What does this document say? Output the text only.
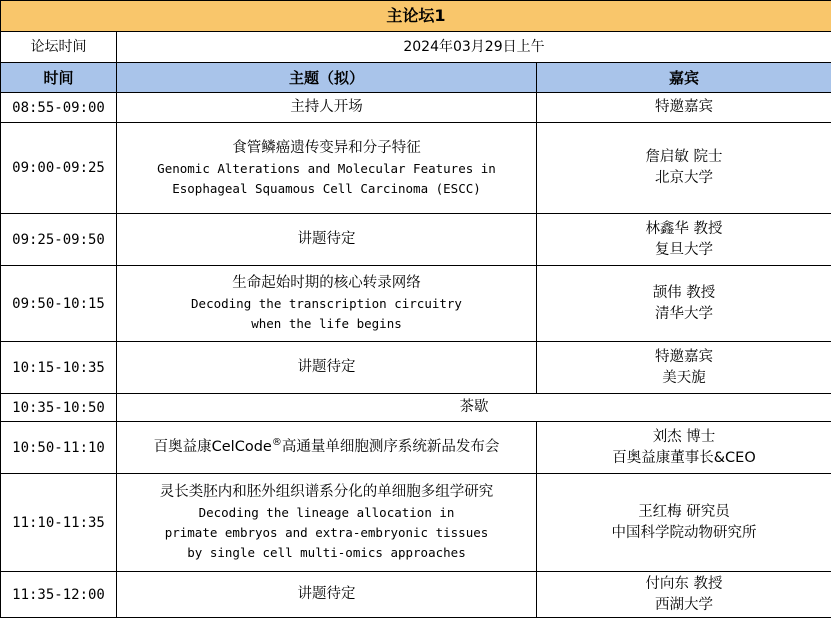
主论坛1		
论坛时间	2024年03月29日上午	
时间	主题（拟）	嘉宾
08:55-09:00	主持人开场	特邀嘉宾

09:00-09:25	食管鳞癌遗传变异和分子特征
Genomic Alterations and Molecular Features in
Esophageal Squamous Cell Carcinoma (ESCC)	詹启敏 院士
北京大学

09:25-09:50	讲题待定	林鑫华 教授
复旦大学

09:50-10:15	生命起始时期的核心转录网络
Decoding the transcription circuitry
when the life begins	颉伟 教授
清华大学

10:15-10:35	讲题待定	特邀嘉宾
美天旎

10:35-10:50	茶歇	

10:50-11:10	百奥益康CelCode®高通量单细胞测序系统新品发布会	刘杰 博士
百奥益康董事长&CEO

11:10-11:35	灵长类胚内和胚外组织谱系分化的单细胞多组学研究
Decoding the lineage allocation in
primate embryos and extra-embryonic tissues
by single cell multi-omics approaches	王红梅 研究员
中国科学院动物研究所

11:35-12:00	讲题待定	付向东 教授
西湖大学
